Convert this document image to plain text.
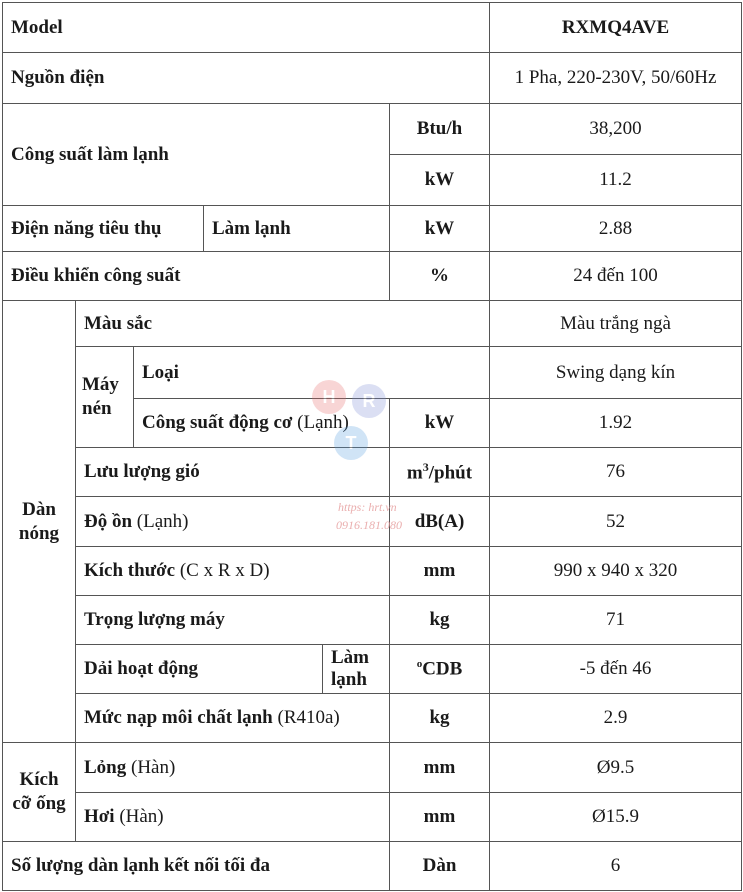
Model						RXMQ4AVE
Nguồn điện						1 Pha, 220-230V, 50/60Hz
Công suất làm lạnh					Btu/h	38,200
					kW	11.2
Điện năng tiêu thụ			Làm lạnh		kW	2.88
Điều khiển công suất					%	24 đến 100
Dàn nóng	Màu sắc					Màu trắng ngà
	Máy nén	Loại				Swing dạng kín
		Công suất động cơ (Lạnh)			kW	1.92
	Lưu lượng gió				$m^3$/phút	76
	Độ ồn (Lạnh)				dB(A)	52
	Kích thước (C x R x D)				mm	990 x 940 x 320
	Trọng lượng máy				kg	71
	Dải hoạt động			Làm lạnh	$^o$CDB	-5 đến 46
	Mức nạp môi chất lạnh (R410a)				kg	2.9
Kích cỡ ống	Lỏng (Hàn)				mm	Ø9.5
	Hơi (Hàn)				mm	Ø15.9
Số lượng dàn lạnh kết nối tối đa					Dàn	6
H	R
T
https: hrt.vn
0916.181.080
